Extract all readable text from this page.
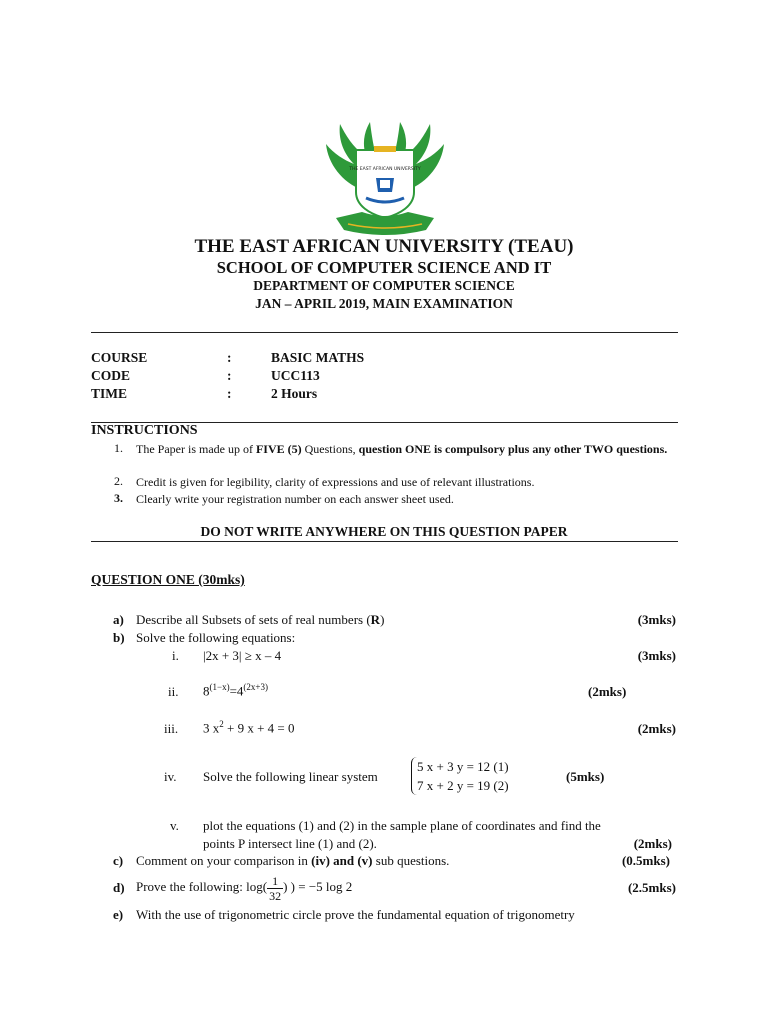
THE EAST AFRICAN UNIVERSITY
THE EAST AFRICAN UNIVERSITY (TEAU)
SCHOOL OF COMPUTER SCIENCE AND IT
DEPARTMENT OF COMPUTER SCIENCE
JAN – APRIL 2019, MAIN EXAMINATION
COURSE	:	BASIC MATHS
CODE	:	UCC113
TIME	:	2 Hours
INSTRUCTIONS
1. The Paper is made up of FIVE (5) Questions, question ONE is compulsory plus any other TWO questions.
2. Credit is given for legibility, clarity of expressions and use of relevant illustrations.
3. Clearly write your registration number on each answer sheet used.
DO NOT WRITE ANYWHERE ON THIS QUESTION PAPER
QUESTION ONE (30mks)
a) Describe all Subsets of sets of real numbers (R)	(3mks)
b) Solve the following equations:
i. |2x + 3| ≥ x – 4	(3mks)
ii. $8^{(1-x)}=4^{(2x+3)}$	(2mks)
iii. 3 $x^2 + 9$ x + 4 = 0	(2mks)
iv. Solve the following linear system
5 x + 3 y = 12 (1)
7 x + 2 y = 19 (2)
(5mks)
v. plot the equations (1) and (2) in the sample plane of coordinates and find the
points P intersect line (1) and (2).	(2mks)
c) Comment on your comparison in (iv) and (v) sub questions.	(0.5mks)
d) Prove the following: $\log( \frac{1}{32}$ ) ) = −5 log 2	(2.5mks)
e) With the use of trigonometric circle prove the fundamental equation of trigonometry
